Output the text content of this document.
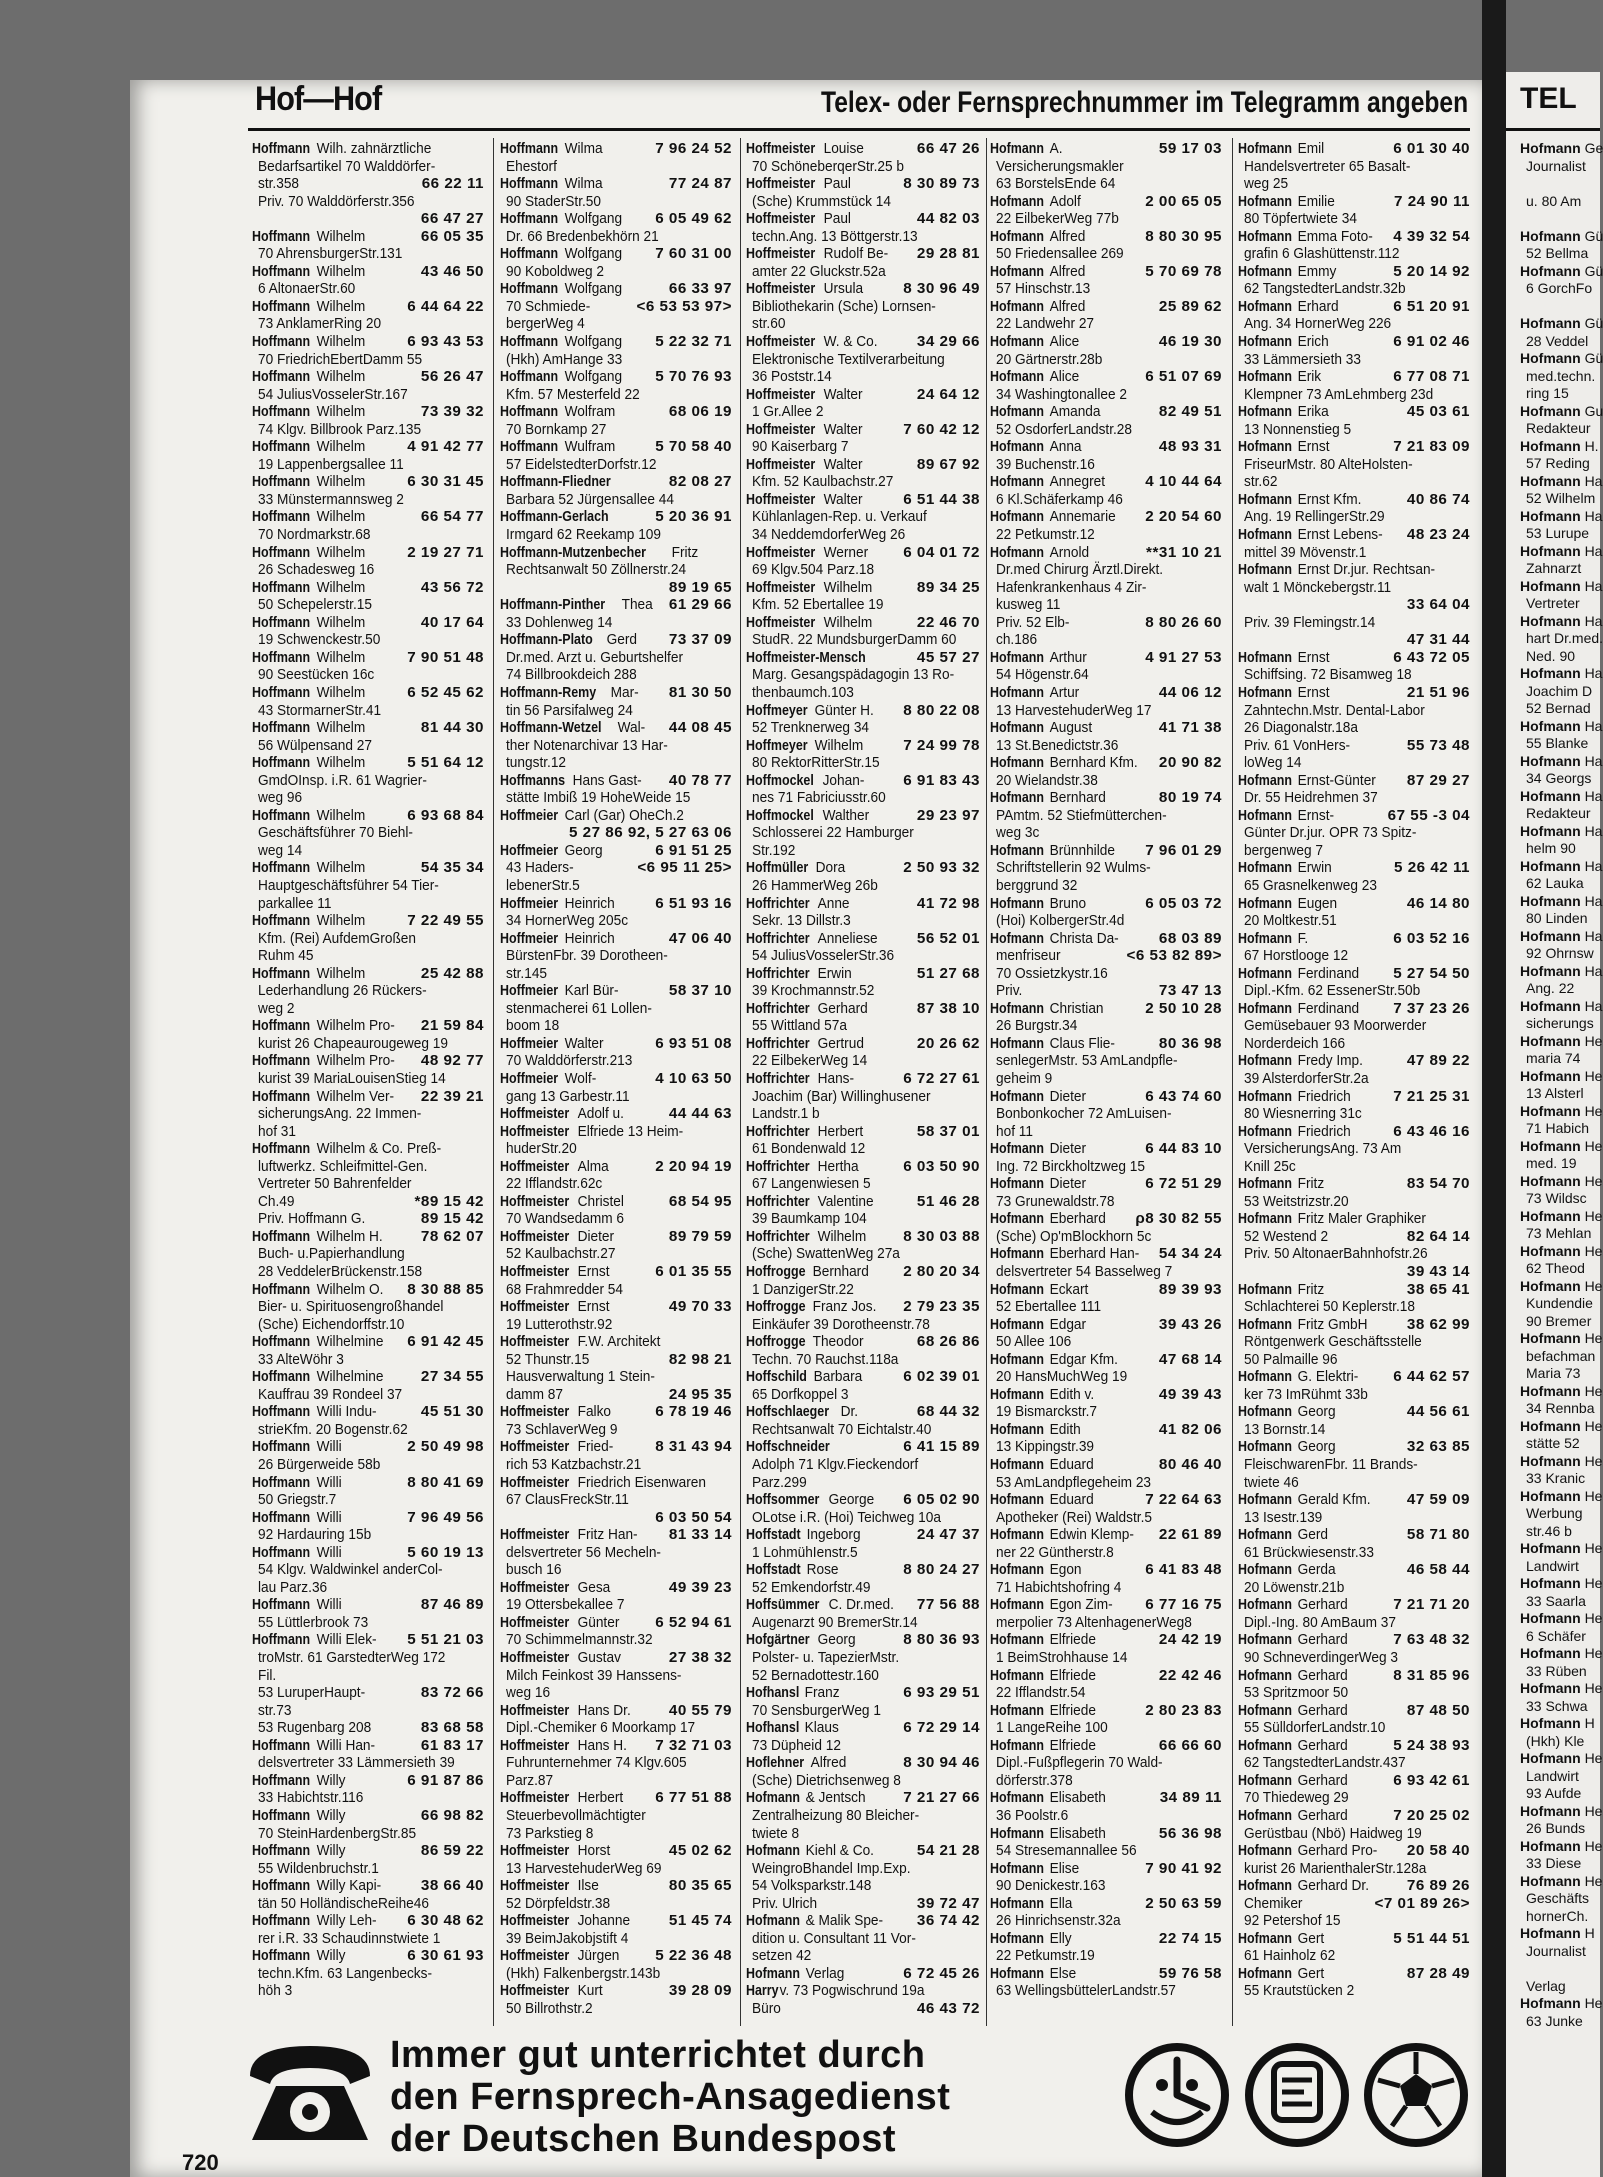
TEL
Hofmann Ge
Journalist

u. 80 Am

Hofmann Gü
52 Bellma
Hofmann Gü
6 GorchFo

Hofmann Gü
28 Veddel
Hofmann Gü
med.techn.
ring 15
Hofmann Gu
Redakteur
Hofmann H.
57 Reding
Hofmann Ha
52 Wilhelm
Hofmann Ha
53 Lurupe
Hofmann Ha
Zahnarzt
Hofmann Ha
Vertreter
Hofmann Ha
hart Dr.med.
Ned. 90
Hofmann Ha
Joachim D
52 Bernad
Hofmann Ha
55 Blanke
Hofmann Ha
34 Georgs
Hofmann Ha
Redakteur
Hofmann Ha
helm 90
Hofmann Ha
62 Lauka
Hofmann Ha
80 Linden
Hofmann Ha
92 Ohrnsw
Hofmann Ha
Ang. 22
Hofmann Ha
sicherungs
Hofmann He
maria 74
Hofmann He
13 Alsterl
Hofmann He
71 Habich
Hofmann He
med. 19
Hofmann He
73 Wildsc
Hofmann He
73 Mehlan
Hofmann He
62 Theod
Hofmann He
Kundendie
90 Bremer
Hofmann He
befachman
Maria 73
Hofmann He
34 Rennba
Hofmann He
stätte 52
Hofmann He
33 Kranic
Hofmann He
Werbung
str.46 b
Hofmann He
Landwirt
Hofmann He
33 Saarla
Hofmann He
6 Schäfer
Hofmann He
33 Rüben
Hofmann He
33 Schwa
Hofmann H
(Hkh) Kle
Hofmann He
Landwirt
93 Aufde
Hofmann He
26 Bunds
Hofmann He
33 Diese
Hofmann He
Geschäfts
hornerCh.
Hofmann H
Journalist

Verlag
Hofmann He
63 Junke
Hof—Hof	Telex- oder Fernsprechnummer im Telegramm angeben
Hoffmann Wilh. zahnärztliche
Bedarfsartikel 70 Walddörfer-
str.358	66 22 11
Priv. 70 Walddörferstr.356
66 47 27
Hoffmann Wilhelm	66 05 35
70 AhrensburgerStr.131
Hoffmann Wilhelm	43 46 50
6 AltonaerStr.60
Hoffmann Wilhelm	6 44 64 22
73 AnklamerRing 20
Hoffmann Wilhelm	6 93 43 53
70 FriedrichEbertDamm 55
Hoffmann Wilhelm	56 26 47
54 JuliusVosselerStr.167
Hoffmann Wilhelm	73 39 32
74 Klgv. Billbrook Parz.135
Hoffmann Wilhelm	4 91 42 77
19 Lappenbergsallee 11
Hoffmann Wilhelm	6 30 31 45
33 Münstermannsweg 2
Hoffmann Wilhelm	66 54 77
70 Nordmarkstr.68
Hoffmann Wilhelm	2 19 27 71
26 Schadesweg 16
Hoffmann Wilhelm	43 56 72
50 Schepelerstr.15
Hoffmann Wilhelm	40 17 64
19 Schwenckestr.50
Hoffmann Wilhelm	7 90 51 48
90 Seestücken 16c
Hoffmann Wilhelm	6 52 45 62
43 StormarnerStr.41
Hoffmann Wilhelm	81 44 30
56 Wülpensand 27
Hoffmann Wilhelm	5 51 64 12
GmdOInsp. i.R. 61 Wagrier-
weg 96
Hoffmann Wilhelm	6 93 68 84
Geschäftsführer 70 Biehl-
weg 14
Hoffmann Wilhelm	54 35 34
Hauptgeschäftsführer 54 Tier-
parkallee 11
Hoffmann Wilhelm	7 22 49 55
Kfm. (Rei) AufdemGroßen
Ruhm 45
Hoffmann Wilhelm	25 42 88
Lederhandlung 26 Rückers-
weg 2
Hoffmann Wilhelm Pro-	21 59 84
kurist 26 Chapeaurougeweg 19
Hoffmann Wilhelm Pro-	48 92 77
kurist 39 MariaLouisenStieg 14
Hoffmann Wilhelm Ver-	22 39 21
sicherungsAng. 22 Immen-
hof 31
Hoffmann Wilhelm & Co. Preß-
luftwerkz. Schleifmittel-Gen.
Vertreter 50 Bahrenfelder
Ch.49	*89 15 42
Priv. Hoffmann G.	89 15 42
Hoffmann Wilhelm H.	78 62 07
Buch- u.Papierhandlung
28 VeddelerBrückenstr.158
Hoffmann Wilhelm O.	8 30 88 85
Bier- u. Spirituosengroßhandel
(Sche) Eichendorffstr.10
Hoffmann Wilhelmine	6 91 42 45
33 AlteWöhr 3
Hoffmann Wilhelmine	27 34 55
Kauffrau 39 Rondeel 37
Hoffmann Willi Indu-	45 51 30
strieKfm. 20 Bogenstr.62
Hoffmann Willi	2 50 49 98
26 Bürgerweide 58b
Hoffmann Willi	8 80 41 69
50 Griegstr.7
Hoffmann Willi	7 96 49 56
92 Hardauring 15b
Hoffmann Willi	5 60 19 13
54 Klgv. Waldwinkel anderCol-
lau Parz.36
Hoffmann Willi	87 46 89
55 Lüttlerbrook 73
Hoffmann Willi Elek-	5 51 21 03
troMstr. 61 GarstedterWeg 172
Fil.
53 LuruperHaupt-	83 72 66
str.73
53 Rugenbarg 208	83 68 58
Hoffmann Willi Han-	61 83 17
delsvertreter 33 Lämmersieth 39
Hoffmann Willy	6 91 87 86
33 Habichtstr.116
Hoffmann Willy	66 98 82
70 SteinHardenbergStr.85
Hoffmann Willy	86 59 22
55 Wildenbruchstr.1
Hoffmann Willy Kapi-	38 66 40
tän 50 HolländischeReihe46
Hoffmann Willy Leh-	6 30 48 62
rer i.R. 33 Schaudinnstwiete 1
Hoffmann Willy	6 30 61 93
techn.Kfm. 63 Langenbecks-
höh 3
Hoffmann Wilma	7 96 24 52
Ehestorf
Hoffmann Wilma	77 24 87
90 StaderStr.50
Hoffmann Wolfgang	6 05 49 62
Dr. 66 Bredenbekhörn 21
Hoffmann Wolfgang	7 60 31 00
90 Koboldweg 2
Hoffmann Wolfgang	66 33 97
70 Schmiede-	<6 53 53 97>
bergerWeg 4
Hoffmann Wolfgang	5 22 32 71
(Hkh) AmHange 33
Hoffmann Wolfgang	5 70 76 93
Kfm. 57 Mesterfeld 22
Hoffmann Wolfram	68 06 19
70 Bornkamp 27
Hoffmann Wulfram	5 70 58 40
57 EidelstedterDorfstr.12
Hoffmann-Fliedner	82 08 27
Barbara 52 Jürgensallee 44
Hoffmann-Gerlach	5 20 36 91
Irmgard 62 Reekamp 109
Hoffmann-Mutzenbecher Fritz
Rechtsanwalt 50 Zöllnerstr.24
89 19 65
Hoffmann-Pinther Thea	61 29 66
33 Dohlenweg 14
Hoffmann-Plato Gerd	73 37 09
Dr.med. Arzt u. Geburtshelfer
74 Billbrookdeich 288
Hoffmann-Remy Mar-	81 30 50
tin 56 Parsifalweg 24
Hoffmann-Wetzel Wal-	44 08 45
ther Notenarchivar 13 Har-
tungstr.12
Hoffmanns Hans Gast-	40 78 77
stätte Imbiß 19 HoheWeide 15
Hoffmeier Carl (Gar) OheCh.2
5 27 86 92, 5 27 63 06
Hoffmeier Georg	6 91 51 25
43 Haders-	<6 95 11 25>
lebenerStr.5
Hoffmeier Heinrich	6 51 93 16
34 HornerWeg 205c
Hoffmeier Heinrich	47 06 40
BürstenFbr. 39 Dorotheen-
str.145
Hoffmeier Karl Bür-	58 37 10
stenmacherei 61 Lollen-
boom 18
Hoffmeier Walter	6 93 51 08
70 Walddörferstr.213
Hoffmeier Wolf-	4 10 63 50
gang 13 Garbestr.11
Hoffmeister Adolf u.	44 44 63
Hoffmeister Elfriede 13 Heim-
huderStr.20
Hoffmeister Alma	2 20 94 19
22 Ifflandstr.62c
Hoffmeister Christel	68 54 95
70 Wandsedamm 6
Hoffmeister Dieter	89 79 59
52 Kaulbachstr.27
Hoffmeister Ernst	6 01 35 55
68 Frahmredder 54
Hoffmeister Ernst	49 70 33
19 Lutterothstr.92
Hoffmeister F.W. Architekt
52 Thunstr.15	82 98 21
Hausverwaltung 1 Stein-
damm 87	24 95 35
Hoffmeister Falko	6 78 19 46
73 SchlaverWeg 9
Hoffmeister Fried-	8 31 43 94
rich 53 Katzbachstr.21
Hoffmeister Friedrich Eisenwaren
67 ClausFreckStr.11
6 03 50 54
Hoffmeister Fritz Han-	81 33 14
delsvertreter 56 Mecheln-
busch 16
Hoffmeister Gesa	49 39 23
19 Ottersbekallee 7
Hoffmeister Günter	6 52 94 61
70 Schimmelmannstr.32
Hoffmeister Gustav	27 38 32
Milch Feinkost 39 Hanssens-
weg 16
Hoffmeister Hans Dr.	40 55 79
Dipl.-Chemiker 6 Moorkamp 17
Hoffmeister Hans H.	7 32 71 03
Fuhrunternehmer 74 Klgv.605
Parz.87
Hoffmeister Herbert	6 77 51 88
Steuerbevollmächtigter
73 Parkstieg 8
Hoffmeister Horst	45 02 62
13 HarvestehuderWeg 69
Hoffmeister Ilse	80 35 65
52 Dörpfeldstr.38
Hoffmeister Johanne	51 45 74
39 BeimJakobjstift 4
Hoffmeister Jürgen	5 22 36 48
(Hkh) Falkenbergstr.143b
Hoffmeister Kurt	39 28 09
50 Billrothstr.2
Hoffmeister Louise	66 47 26
70 SchöneberqerStr.25 b
Hoffmeister Paul	8 30 89 73
(Sche) Krummstück 14
Hoffmeister Paul	44 82 03
techn.Ang. 13 Böttgerstr.13
Hoffmeister Rudolf Be-	29 28 81
amter 22 Gluckstr.52a
Hoffmeister Ursula	8 30 96 49
Bibliothekarin (Sche) Lornsen-
str.60
Hoffmeister W. & Co.	34 29 66
Elektronische Textilverarbeitung
36 Poststr.14
Hoffmeister Walter	24 64 12
1 Gr.Allee 2
Hoffmeister Walter	7 60 42 12
90 Kaiserbarg 7
Hoffmeister Walter	89 67 92
Kfm. 52 Kaulbachstr.27
Hoffmeister Walter	6 51 44 38
Kühlanlagen-Rep. u. Verkauf
34 NeddemdorferWeg 26
Hoffmeister Werner	6 04 01 72
69 Klgv.504 Parz.18
Hoffmeister Wilhelm	89 34 25
Kfm. 52 Ebertallee 19
Hoffmeister Wilhelm	22 46 70
StudR. 22 MundsburgerDamm 60
Hoffmeister-Mensch	45 57 27
Marg. Gesangspädagogin 13 Ro-
thenbaumch.103
Hoffmeyer Günter H.	8 80 22 08
52 Trenknerweg 34
Hoffmeyer Wilhelm	7 24 99 78
80 RektorRitterStr.15
Hoffmockel Johan-	6 91 83 43
nes 71 Fabriciusstr.60
Hoffmockel Walther	29 23 97
Schlosserei 22 Hamburger
Str.192
Hoffmüller Dora	2 50 93 32
26 HammerWeg 26b
Hoffrichter Anne	41 72 98
Sekr. 13 Dillstr.3
Hoffrichter Anneliese	56 52 01
54 JuliusVosselerStr.36
Hoffrichter Erwin	51 27 68
39 Krochmannstr.52
Hoffrichter Gerhard	87 38 10
55 Wittland 57a
Hoffrichter Gertrud	20 26 62
22 EilbekerWeg 14
Hoffrichter Hans-	6 72 27 61
Joachim (Bar) Willinghusener
Landstr.1 b
Hoffrichter Herbert	58 37 01
61 Bondenwald 12
Hoffrichter Hertha	6 03 50 90
67 Langenwiesen 5
Hoffrichter Valentine	51 46 28
39 Baumkamp 104
Hoffrichter Wilhelm	8 30 03 88
(Sche) SwattenWeg 27a
Hoffrogge Bernhard	2 80 20 34
1 DanzigerStr.22
Hoffrogge Franz Jos.	2 79 23 35
Einkäufer 39 Dorotheenstr.78
Hoffrogge Theodor	68 26 86
Techn. 70 Rauchst.118a
Hoffschild Barbara	6 02 39 01
65 Dorfkoppel 3
Hoffschlaeger Dr.	68 44 32
Rechtsanwalt 70 Eichtalstr.40
Hoffschneider	6 41 15 89
Adolph 71 Klgv.Fieckendorf
Parz.299
Hoffsommer George	6 05 02 90
OLotse i.R. (Hoi) Teichweg 10a
Hoffstadt Ingeborg	24 47 37
1 LohmühIenstr.5
Hoffstadt Rose	8 80 24 27
52 Emkendorfstr.49
Hoffsümmer C. Dr.med.	77 56 88
Augenarzt 90 BremerStr.14
Hofgärtner Georg	8 80 36 93
Polster- u. TapezierMstr.
52 Bernadottestr.160
Hofhansl Franz	6 93 29 51
70 SensburgerWeg 1
Hofhansl Klaus	6 72 29 14
73 Düpheid 12
Hoflehner Alfred	8 30 94 46
(Sche) Dietrichsenweg 8
Hofmann & Jentsch	7 21 27 66
Zentralheizung 80 Bleicher-
twiete 8
Hofmann Kiehl & Co.	54 21 28
WeingroBhandel Imp.Exp.
54 Volksparkstr.148
Priv. Ulrich	39 72 47
Hofmann & Malik Spe-	36 74 42
dition u. Consultant 11 Vor-
setzen 42
Hofmann Verlag	6 72 45 26
Harry v. 73 Pogwischrund 19a
Büro	46 43 72
Hofmann A.	59 17 03
Versicherungsmakler
63 BorstelsEnde 64
Hofmann Adolf	2 00 65 05
22 EilbekerWeg 77b
Hofmann Alfred	8 80 30 95
50 Friedensallee 269
Hofmann Alfred	5 70 69 78
57 Hinschstr.13
Hofmann Alfred	25 89 62
22 Landwehr 27
Hofmann Alice	46 19 30
20 Gärtnerstr.28b
Hofmann Alice	6 51 07 69
34 Washingtonallee 2
Hofmann Amanda	82 49 51
52 OsdorferLandstr.28
Hofmann Anna	48 93 31
39 Buchenstr.16
Hofmann Annegret	4 10 44 64
6 Kl.Schäferkamp 46
Hofmann Annemarie	2 20 54 60
22 Petkumstr.12
Hofmann Arnold	**31 10 21
Dr.med Chirurg Ärztl.Direkt.
Hafenkrankenhaus 4 Zir-
kusweg 11
Priv. 52 Elb-	8 80 26 60
ch.186
Hofmann Arthur	4 91 27 53
54 Högenstr.64
Hofmann Artur	44 06 12
13 HarvestehuderWeg 17
Hofmann August	41 71 38
13 St.Benedictstr.36
Hofmann Bernhard Kfm.	20 90 82
20 Wielandstr.38
Hofmann Bernhard	80 19 74
PAmtm. 52 Stiefmütterchen-
weg 3c
Hofmann Brünnhilde	7 96 01 29
Schriftstellerin 92 Wulms-
berggrund 32
Hofmann Bruno	6 05 03 72
(Hoi) KolbergerStr.4d
Hofmann Christa Da-	68 03 89
menfriseur	<6 53 82 89>
70 Ossietzkystr.16
Priv.	73 47 13
Hofmann Christian	2 50 10 28
26 Burgstr.34
Hofmann Claus Flie-	80 36 98
senlegerMstr. 53 AmLandpfle-
geheim 9
Hofmann Dieter	6 43 74 60
Bonbonkocher 72 AmLuisen-
hof 11
Hofmann Dieter	6 44 83 10
Ing. 72 Birckholtzweg 15
Hofmann Dieter	6 72 51 29
73 Grunewaldstr.78
Hofmann Eberhard	ρ8 30 82 55
(Sche) Op'mBlockhorn 5c
Hofmann Eberhard Han-	54 34 24
delsvertreter 54 Basselweg 7
Hofmann Eckart	89 39 93
52 Ebertallee 111
Hofmann Edgar	39 43 26
50 Allee 106
Hofmann Edgar Kfm.	47 68 14
20 HansMuchWeg 19
Hofmann Edith v.	49 39 43
19 Bismarckstr.7
Hofmann Edith	41 82 06
13 Kippingstr.39
Hofmann Eduard	80 46 40
53 AmLandpflegeheim 23
Hofmann Eduard	7 22 64 63
Apotheker (Rei) Waldstr.5
Hofmann Edwin Klemp-	22 61 89
ner 22 Güntherstr.8
Hofmann Egon	6 41 83 48
71 Habichtshofring 4
Hofmann Egon Zim-	6 77 16 75
merpolier 73 AltenhagenerWeg8
Hofmann Elfriede	24 42 19
1 BeimStrohhause 14
Hofmann Elfriede	22 42 46
22 Ifflandstr.54
Hofmann Elfriede	2 80 23 83
1 LangeReihe 100
Hofmann Elfriede	66 66 60
Dipl.-Fußpflegerin 70 Wald-
dörferstr.378
Hofmann Elisabeth	34 89 11
36 Poolstr.6
Hofmann Elisabeth	56 36 98
54 Stresemannallee 56
Hofmann Elise	7 90 41 92
90 Denickestr.163
Hofmann Ella	2 50 63 59
26 Hinrichsenstr.32a
Hofmann Elly	22 74 15
22 Petkumstr.19
Hofmann Else	59 76 58
63 WellingsbüttelerLandstr.57
Hofmann Emil	6 01 30 40
Handelsvertreter 65 Basalt-
weg 25
Hofmann Emilie	7 24 90 11
80 Töpfertwiete 34
Hofmann Emma Foto-	4 39 32 54
grafin 6 Glashüttenstr.112
Hofmann Emmy	5 20 14 92
62 TangstedterLandstr.32b
Hofmann Erhard	6 51 20 91
Ang. 34 HornerWeg 226
Hofmann Erich	6 91 02 46
33 Lämmersieth 33
Hofmann Erik	6 77 08 71
Klempner 73 AmLehmberg 23d
Hofmann Erika	45 03 61
13 Nonnenstieg 5
Hofmann Ernst	7 21 83 09
FriseurMstr. 80 AlteHolsten-
str.62
Hofmann Ernst Kfm.	40 86 74
Ang. 19 RellingerStr.29
Hofmann Ernst Lebens-	48 23 24
mittel 39 Mövenstr.1
Hofmann Ernst Dr.jur. Rechtsan-
walt 1 Mönckebergstr.11
33 64 04
Priv. 39 Flemingstr.14
47 31 44
Hofmann Ernst	6 43 72 05
Schiffsing. 72 Bisamweg 18
Hofmann Ernst	21 51 96
Zahntechn.Mstr. Dental-Labor
26 Diagonalstr.18a
Priv. 61 VonHers-	55 73 48
loWeg 14
Hofmann Ernst-Günter	87 29 27
Dr. 55 Heidrehmen 37
Hofmann Ernst-	67 55 -3 04
Günter Dr.jur. OPR 73 Spitz-
bergenweg 7
Hofmann Erwin	5 26 42 11
65 Grasnelkenweg 23
Hofmann Eugen	46 14 80
20 Moltkestr.51
Hofmann F.	6 03 52 16
67 Horstlooge 12
Hofmann Ferdinand	5 27 54 50
Dipl.-Kfm. 62 EssenerStr.50b
Hofmann Ferdinand	7 37 23 26
Gemüsebauer 93 Moorwerder
Norderdeich 166
Hofmann Fredy Imp.	47 89 22
39 AlsterdorferStr.2a
Hofmann Friedrich	7 21 25 31
80 Wiesnerring 31c
Hofmann Friedrich	6 43 46 16
VersicherungsAng. 73 Am
Knill 25c
Hofmann Fritz	83 54 70
53 Weitstrizstr.20
Hofmann Fritz Maler Graphiker
52 Westend 2	82 64 14
Priv. 50 AltonaerBahnhofstr.26
39 43 14
Hofmann Fritz	38 65 41
Schlachterei 50 Keplerstr.18
Hofmann Fritz GmbH	38 62 99
Röntgenwerk Geschäftsstelle
50 Palmaille 96
Hofmann G. Elektri-	6 44 62 57
ker 73 ImRühmt 33b
Hofmann Georg	44 56 61
13 Bornstr.14
Hofmann Georg	32 63 85
FleischwarenFbr. 11 Brands-
twiete 46
Hofmann Gerald Kfm.	47 59 09
13 Isestr.139
Hofmann Gerd	58 71 80
61 Brückwiesenstr.33
Hofmann Gerda	46 58 44
20 Löwenstr.21b
Hofmann Gerhard	7 21 71 20
Dipl.-Ing. 80 AmBaum 37
Hofmann Gerhard	7 63 48 32
90 SchneverdingerWeg 3
Hofmann Gerhard	8 31 85 96
53 Spritzmoor 50
Hofmann Gerhard	87 48 50
55 SülldorferLandstr.10
Hofmann Gerhard	5 24 38 93
62 TangstedterLandstr.437
Hofmann Gerhard	6 93 42 61
70 Thiedeweg 29
Hofmann Gerhard	7 20 25 02
Gerüstbau (Nbö) Haidweg 19
Hofmann Gerhard Pro-	20 58 40
kurist 26 MarienthalerStr.128a
Hofmann Gerhard Dr.	76 89 26
Chemiker	<7 01 89 26>
92 Petershof 15
Hofmann Gert	5 51 44 51
61 Hainholz 62
Hofmann Gert	87 28 49
55 Krautstücken 2
Immer gut unterrichtet durch
den Fernsprech-Ansagedienst
der Deutschen Bundespost
720
